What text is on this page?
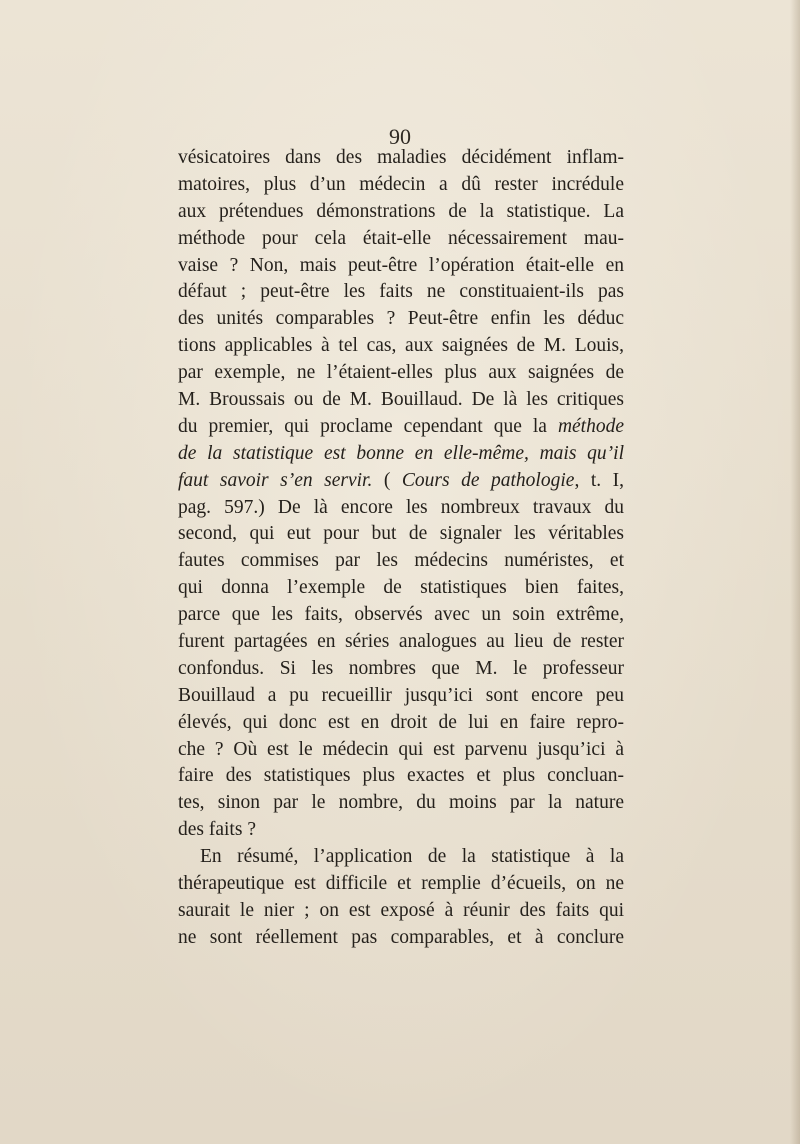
90
vésicatoires dans des maladies décidément inflam-
matoires, plus d’un médecin a dû rester incrédule
aux prétendues démonstrations de la statistique. La
méthode pour cela était-elle nécessairement mau-
vaise ? Non, mais peut-être l’opération était-elle en
défaut ; peut-être les faits ne constituaient-ils pas
des unités comparables ? Peut-être enfin les déduc
tions applicables à tel cas, aux saignées de M. Louis,
par exemple, ne l’étaient-elles plus aux saignées de
M. Broussais ou de M. Bouillaud. De là les critiques
du premier, qui proclame cependant que la méthode
de la statistique est bonne en elle-même, mais qu’il
faut savoir s’en servir. ( Cours de pathologie, t. I,
pag. 597.) De là encore les nombreux travaux du
second, qui eut pour but de signaler les véritables
fautes commises par les médecins numéristes, et
qui donna l’exemple de statistiques bien faites,
parce que les faits, observés avec un soin extrême,
furent partagées en séries analogues au lieu de rester
confondus. Si les nombres que M. le professeur
Bouillaud a pu recueillir jusqu’ici sont encore peu
élevés, qui donc est en droit de lui en faire repro-
che ? Où est le médecin qui est parvenu jusqu’ici à
faire des statistiques plus exactes et plus concluan-
tes, sinon par le nombre, du moins par la nature
des faits ?
En résumé, l’application de la statistique à la
thérapeutique est difficile et remplie d’écueils, on ne
saurait le nier ; on est exposé à réunir des faits qui
ne sont réellement pas comparables, et à conclure
